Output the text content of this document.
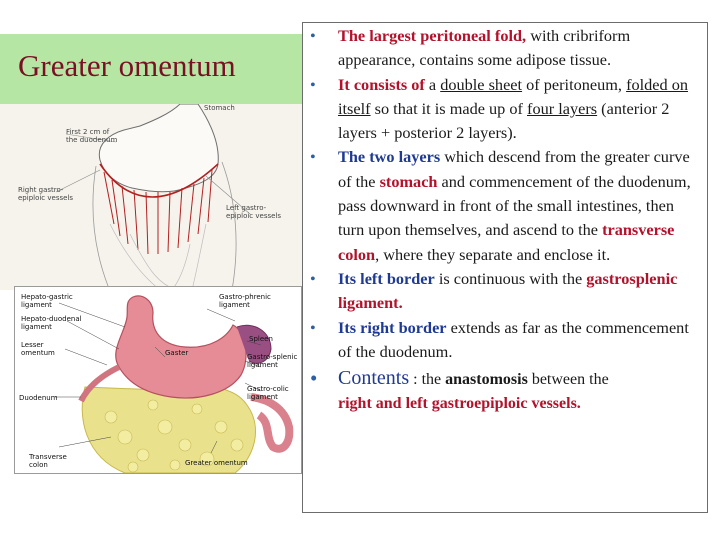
Greater omentum
Stomach
First 2 cm of
the duodenum
Right gastro-
epiploic vessels
Left gastro-
epiploic vessels
Hepato-gastric
ligament
Hepato-duodenal
ligament
Lesser
omentum
Duodenum
Transverse
colon
Gastro-phrenic
ligament
Spleen
Gastro-splenic
ligament
Gastro-colic
ligament
Gaster
Greater omentum
• The largest peritoneal fold, with cribriform appearance, contains some adipose tissue.
• It consists of a double sheet of peritoneum, folded on itself so that it is made up of four layers (anterior 2 layers + posterior 2 layers).
• The two layers which descend from the greater curve of the stomach and commencement of the duodenum, pass downward in front of the small intestines, then turn upon themselves, and ascend to the transverse colon, where they separate and enclose it.
• Its left border is continuous with the gastrosplenic ligament.
• Its right border extends as far as the commencement of the duodenum.
• Contents : the anastomosis between the
right and left gastroepiploic vessels.
